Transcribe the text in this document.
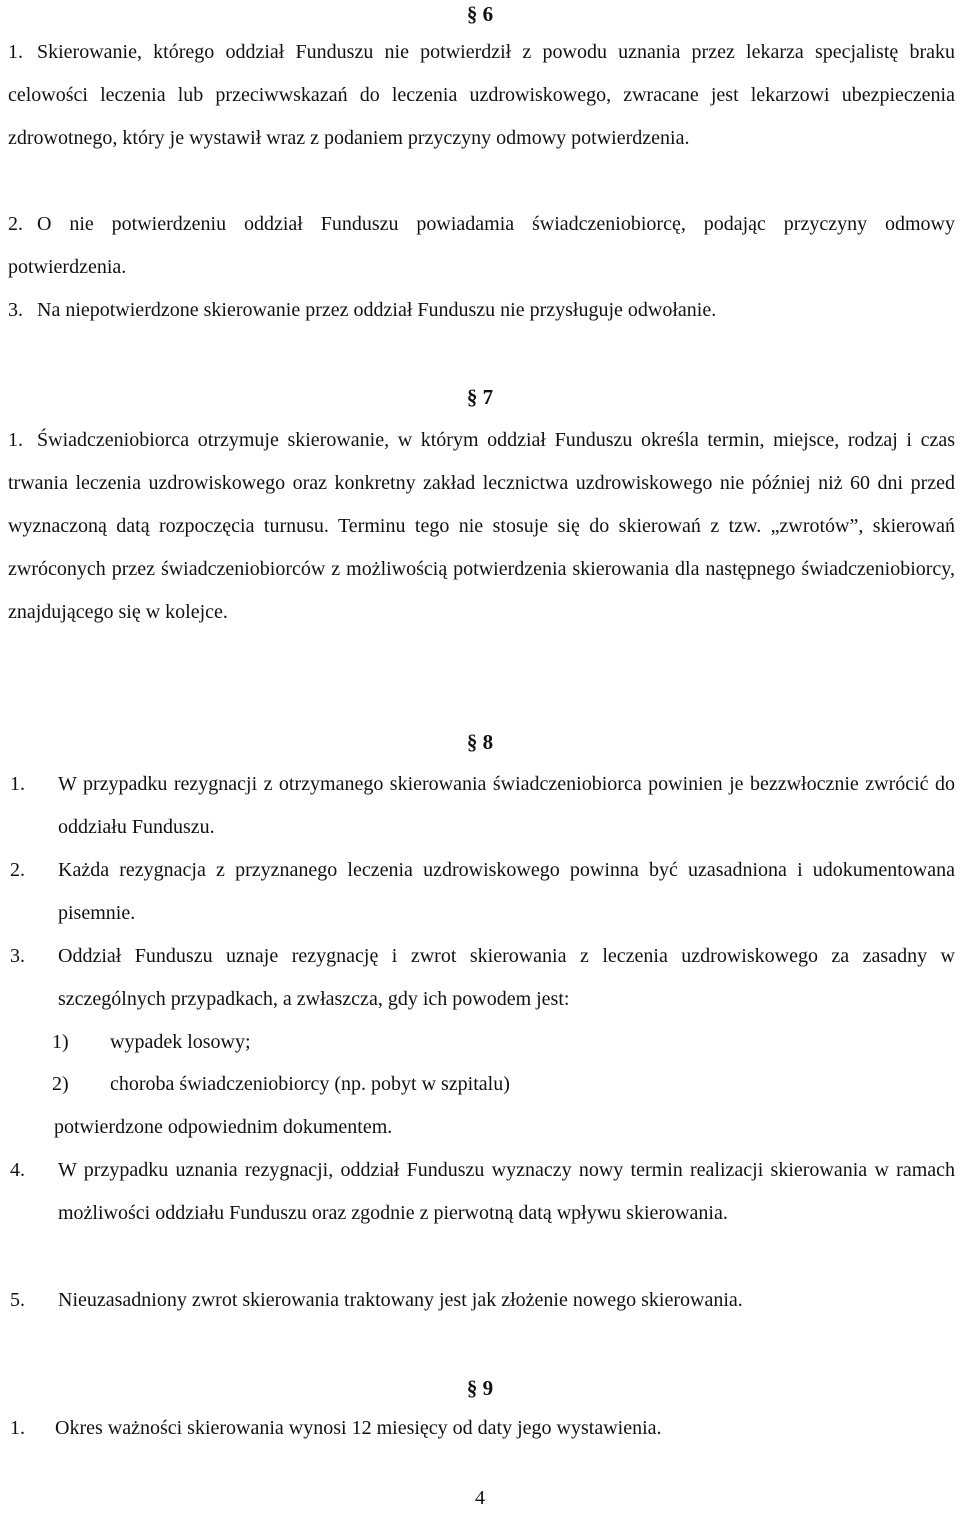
§ 6
1. Skierowanie, którego oddział Funduszu nie potwierdził z powodu uznania przez lekarza specjalistę braku celowości leczenia lub przeciwwskazań do leczenia uzdrowiskowego, zwracane jest lekarzowi ubezpieczenia zdrowotnego, który je wystawił wraz z podaniem przyczyny odmowy potwierdzenia.
2. O nie potwierdzeniu oddział Funduszu powiadamia świadczeniobiorcę, podając przyczyny odmowy potwierdzenia.
3. Na niepotwierdzone skierowanie przez oddział Funduszu nie przysługuje odwołanie.
§ 7
1. Świadczeniobiorca otrzymuje skierowanie, w którym oddział Funduszu określa termin, miejsce, rodzaj i czas trwania leczenia uzdrowiskowego oraz konkretny zakład lecznictwa uzdrowiskowego nie później niż 60 dni przed wyznaczoną datą rozpoczęcia turnusu. Terminu tego nie stosuje się do skierowań z tzw. „zwrotów”, skierowań zwróconych przez świadczeniobiorców z możliwością potwierdzenia skierowania dla następnego świadczeniobiorcy, znajdującego się w kolejce.
§ 8
1.	W przypadku rezygnacji z otrzymanego skierowania świadczeniobiorca powinien je bezzwłocznie zwrócić do oddziału Funduszu.
2.	Każda rezygnacja z przyznanego leczenia uzdrowiskowego powinna być uzasadniona i udokumentowana pisemnie.
3.	Oddział Funduszu uznaje rezygnację i zwrot skierowania z leczenia uzdrowiskowego za zasadny w szczególnych przypadkach, a zwłaszcza, gdy ich powodem jest:
1)	wypadek losowy;
2)	choroba świadczeniobiorcy (np. pobyt w szpitalu)
potwierdzone odpowiednim dokumentem.
4.	W przypadku uznania rezygnacji, oddział Funduszu wyznaczy nowy termin realizacji skierowania w ramach możliwości oddziału Funduszu oraz zgodnie z pierwotną datą wpływu skierowania.
5.	Nieuzasadniony zwrot skierowania traktowany jest jak złożenie nowego skierowania.
§ 9
1.	Okres ważności skierowania wynosi 12 miesięcy od daty jego wystawienia.
4
